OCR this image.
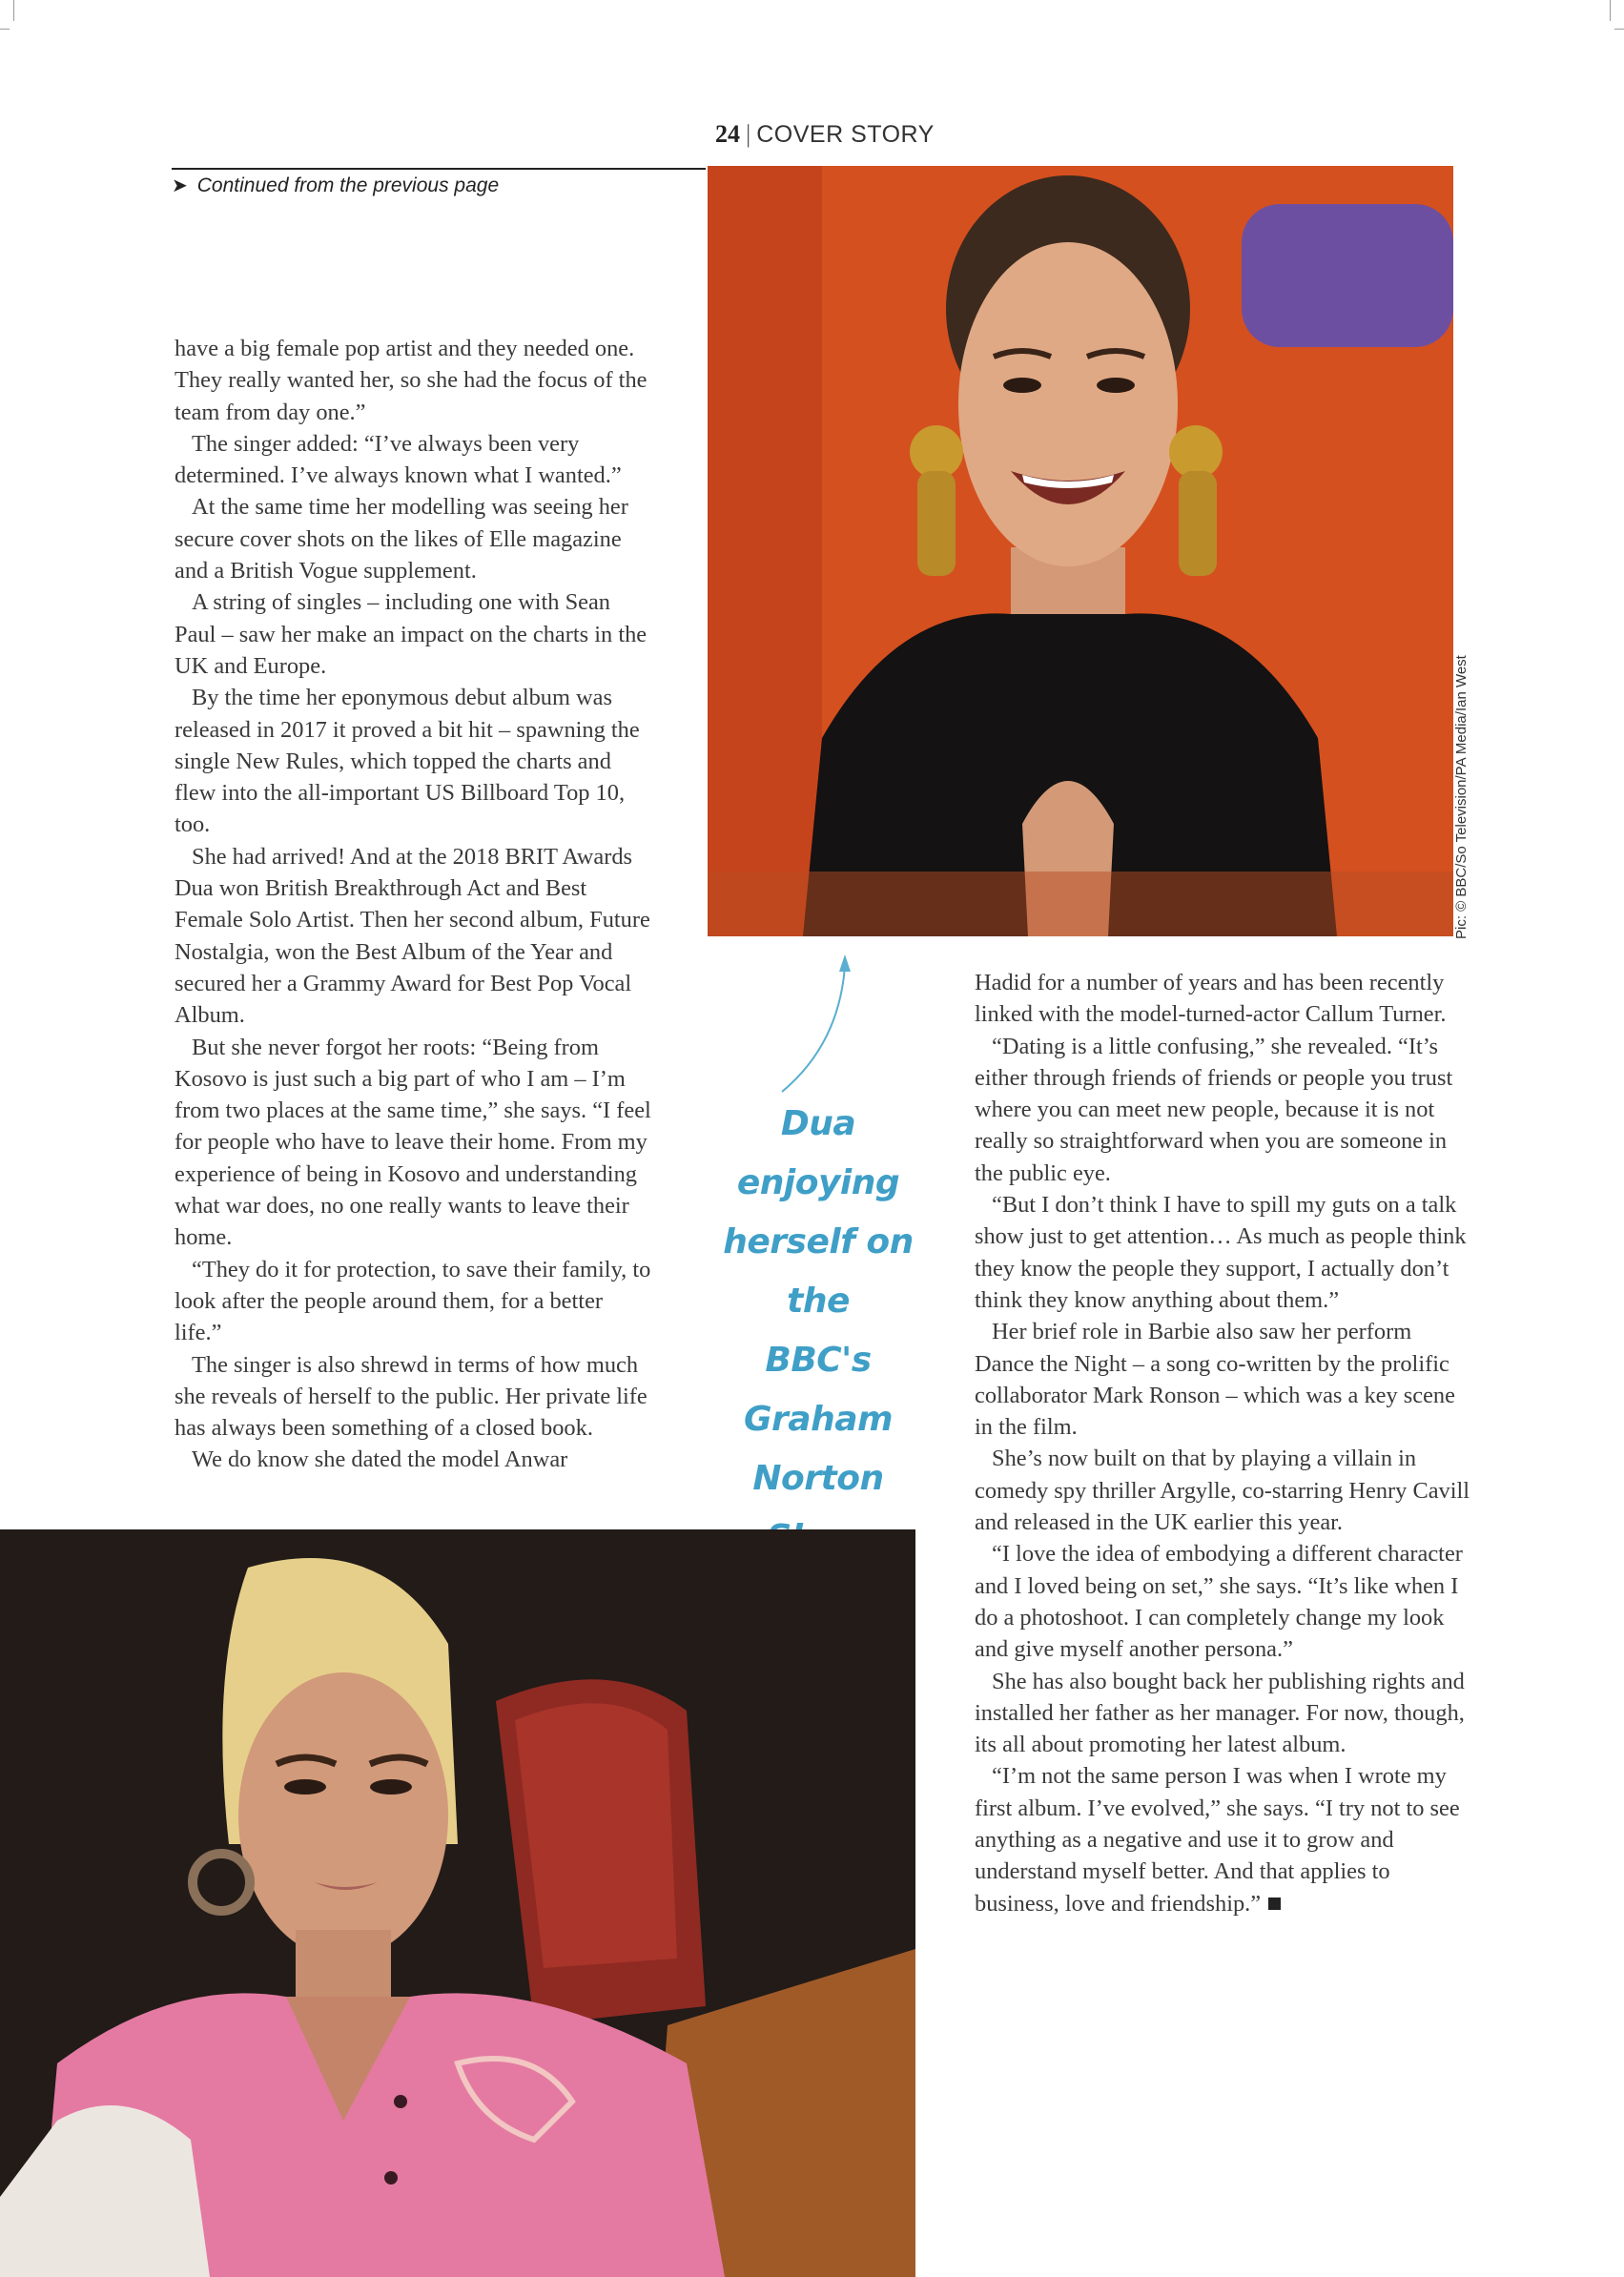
24 | COVER STORY
➤ Continued from the previous page
Pic: © BBC/So Television/PA Media/Ian West
Dua enjoying
herself on the
BBC's Graham
Norton

have a big female pop artist and they needed one. They really wanted her, so she had the focus of the team from day one.”

The singer added: “I’ve always been very determined. I’ve always known what I wanted.”

At the same time her modelling was seeing her secure cover shots on the likes of Elle magazine and a British Vogue supplement.

A string of singles – including one with Sean Paul – saw her make an impact on the charts in the UK and Europe.

By the time her eponymous debut album was released in 2017 it proved a bit hit – spawning the single New Rules, which topped the charts and flew into the all-important US Billboard Top 10, too.

She had arrived! And at the 2018 BRIT Awards Dua won British Breakthrough Act and Best Female Solo Artist. Then her second album, Future Nostalgia, won the Best Album of the Year and secured her a Grammy Award for Best Pop Vocal Album.

But she never forgot her roots: “Being from Kosovo is just such a big part of who I am – I’m from two places at the same time,” she says. “I feel for people who have to leave their home. From my experience of being in Kosovo and understanding what war does, no one really wants to leave their home.

“They do it for protection, to save their family, to look after the people around them, for a better life.”

The singer is also shrewd in terms of how much she reveals of herself to the public. Her private life has always been something of a closed book.

We do know she dated the model Anwar

Hadid for a number of years and has been recently linked with the model-turned-actor Callum Turner.

“Dating is a little confusing,” she revealed. “It’s either through friends of friends or people you trust where you can meet new people, because it is not really so straightforward when you are someone in the public eye.

“But I don’t think I have to spill my guts on a talk show just to get attention… As much as people think they know the people they support, I actually don’t think they know anything about them.”

Her brief role in Barbie also saw her perform Dance the Night – a song co-written by the prolific collaborator Mark Ronson – which was a key scene in the film.

She’s now built on that by playing a villain in comedy spy thriller Argylle, co-starring Henry Cavill and released in the UK earlier this year.

“I love the idea of embodying a different character and I loved being on set,” she says. “It’s like when I do a photoshoot. I can completely change my look and give myself another persona.”

She has also bought back her publishing rights and installed her father as her manager. For now, though, its all about promoting her latest album.

“I’m not the same person I was when I wrote my first album. I’ve evolved,” she says. “I try not to see anything as a negative and use it to grow and understand myself better. And that applies to business, love and friendship.”
